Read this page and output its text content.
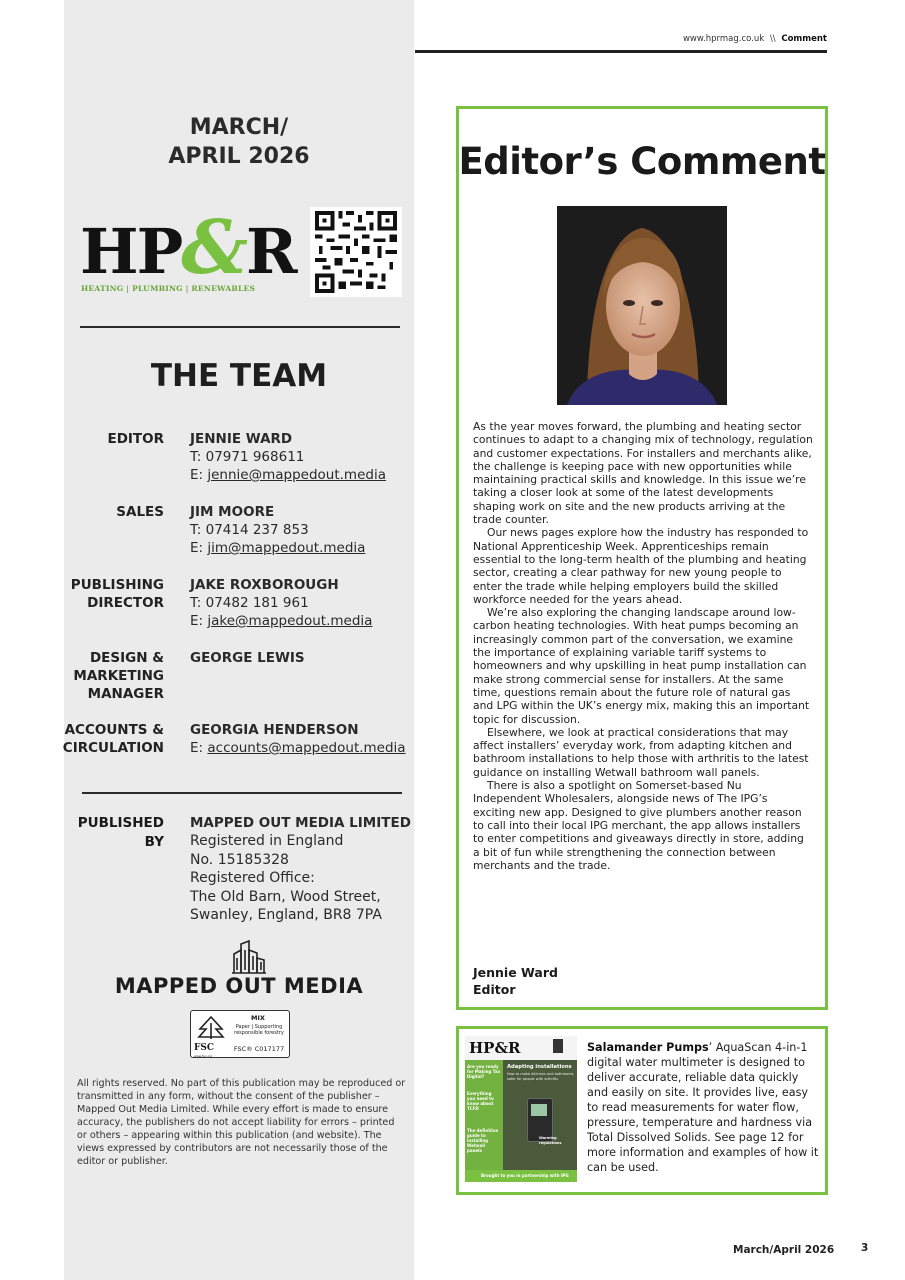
MARCH/
APRIL 2026
HP&R
HEATING | PLUMBING | RENEWABLES
THE TEAM
EDITOR JENNIE WARD
T: 07971 968611
E: jennie@mappedout.media
SALES JIM MOORE
T: 07414 237 853
E: jim@mappedout.media
PUBLISHING
DIRECTOR
JAKE ROXBOROUGH
T: 07482 181 961
E: jake@mappedout.media
DESIGN &
MARKETING
MANAGER
GEORGE LEWIS
ACCOUNTS &
CIRCULATION
GEORGIA HENDERSON
E: accounts@mappedout.media
PUBLISHED
BY
MAPPED OUT MEDIA LIMITED
Registered in England
No. 15185328
Registered Office:
The Old Barn, Wood Street,
Swanley, England, BR8 7PA
MAPPED OUT MEDIA
FSC
MIX
Paper | Supporting responsible forestry
FSC® C017177
www.fsc.org
All rights reserved. No part of this publication may be reproduced or transmitted in any form, without the consent of the publisher – Mapped Out Media Limited. While every effort is made to ensure accuracy, the publishers do not accept liability for errors – printed or others – appearing within this publication (and website). The views expressed by contributors are not necessarily those of the editor or publisher.
www.hprmag.co.uk \\ Comment
Editor’s Comment

As the year moves forward, the plumbing and heating sector continues to adapt to a changing mix of technology, regulation and customer expectations. For installers and merchants alike, the challenge is keeping pace with new opportunities while maintaining practical skills and knowledge. In this issue we’re taking a closer look at some of the latest developments shaping work on site and the new products arriving at the trade counter.

Our news pages explore how the industry has responded to National Apprenticeship Week. Apprenticeships remain essential to the long-term health of the plumbing and heating sector, creating a clear pathway for new young people to enter the trade while helping employers build the skilled workforce needed for the years ahead.

We’re also exploring the changing landscape around low-carbon heating technologies. With heat pumps becoming an increasingly common part of the conversation, we examine the importance of explaining variable tariff systems to homeowners and why upskilling in heat pump installation can make strong commercial sense for installers. At the same time, questions remain about the future role of natural gas and LPG within the UK’s energy mix, making this an important topic for discussion.

Elsewhere, we look at practical considerations that may affect installers’ everyday work, from adapting kitchen and bathroom installations to help those with arthritis to the latest guidance on installing Wetwall bathroom wall panels.

There is also a spotlight on Somerset-based Nu Independent Wholesalers, alongside news of The IPG’s exciting new app. Designed to give plumbers another reason to call into their local IPG merchant, the app allows installers to enter competitions and giveaways directly in store, adding a bit of fun while strengthening the connection between merchants and the trade.

Jennie Ward
Editor
HP&R
Are you ready for Making Tax Digital?
Everything you need to know about TCFD
The definitive guide to installing Wetwall panels
Adapting installations
How to make kitchens and bathrooms safer for people with arthritis
Warming regulations
Brought to you in partnership with IPG
Salamander Pumps’ AquaScan 4-in-1 digital water multimeter is designed to deliver accurate, reliable data quickly and easily on site. It provides live, easy to read measurements for water flow, pressure, temperature and hardness via Total Dissolved Solids. See page 12 for more information and examples of how it can be used.
March/April 2026	3
